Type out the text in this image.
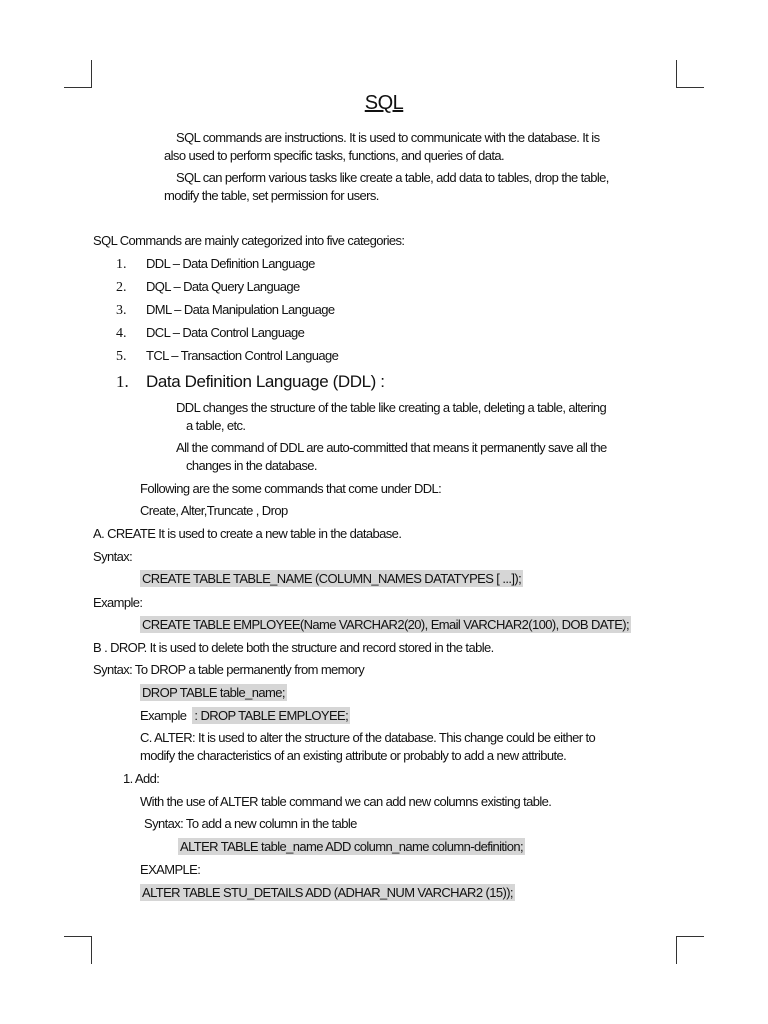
SQL
SQL commands are instructions. It is used to communicate with the database. It is
also used to perform specific tasks, functions, and queries of data.
SQL can perform various tasks like create a table, add data to tables, drop the table,
modify the table, set permission for users.
SQL Commands are mainly categorized into five categories:
1. DDL – Data Definition Language
2. DQL – Data Query Language
3. DML – Data Manipulation Language
4. DCL – Data Control Language
5. TCL – Transaction Control Language
1. Data Definition Language (DDL) :
DDL changes the structure of the table like creating a table, deleting a table, altering
a table, etc.
All the command of DDL are auto-committed that means it permanently save all the
changes in the database.
Following are the some commands that come under DDL:
Create, Alter,Truncate , Drop
A. CREATE It is used to create a new table in the database.
Syntax:
CREATE TABLE TABLE_NAME (COLUMN_NAMES DATATYPES [ ...]);
Example:
CREATE TABLE EMPLOYEE(Name VARCHAR2(20), Email VARCHAR2(100), DOB DATE);
B . DROP. It is used to delete both the structure and record stored in the table.
Syntax: To DROP a table permanently from memory
DROP TABLE table_name;
Example : DROP TABLE EMPLOYEE;
C. ALTER: It is used to alter the structure of the database. This change could be either to
modify the characteristics of an existing attribute or probably to add a new attribute.
1. Add:
With the use of ALTER table command we can add new columns existing table.
Syntax: To add a new column in the table
ALTER TABLE table_name ADD column_name column-definition;
EXAMPLE:
ALTER TABLE STU_DETAILS ADD (ADHAR_NUM VARCHAR2 (15));
